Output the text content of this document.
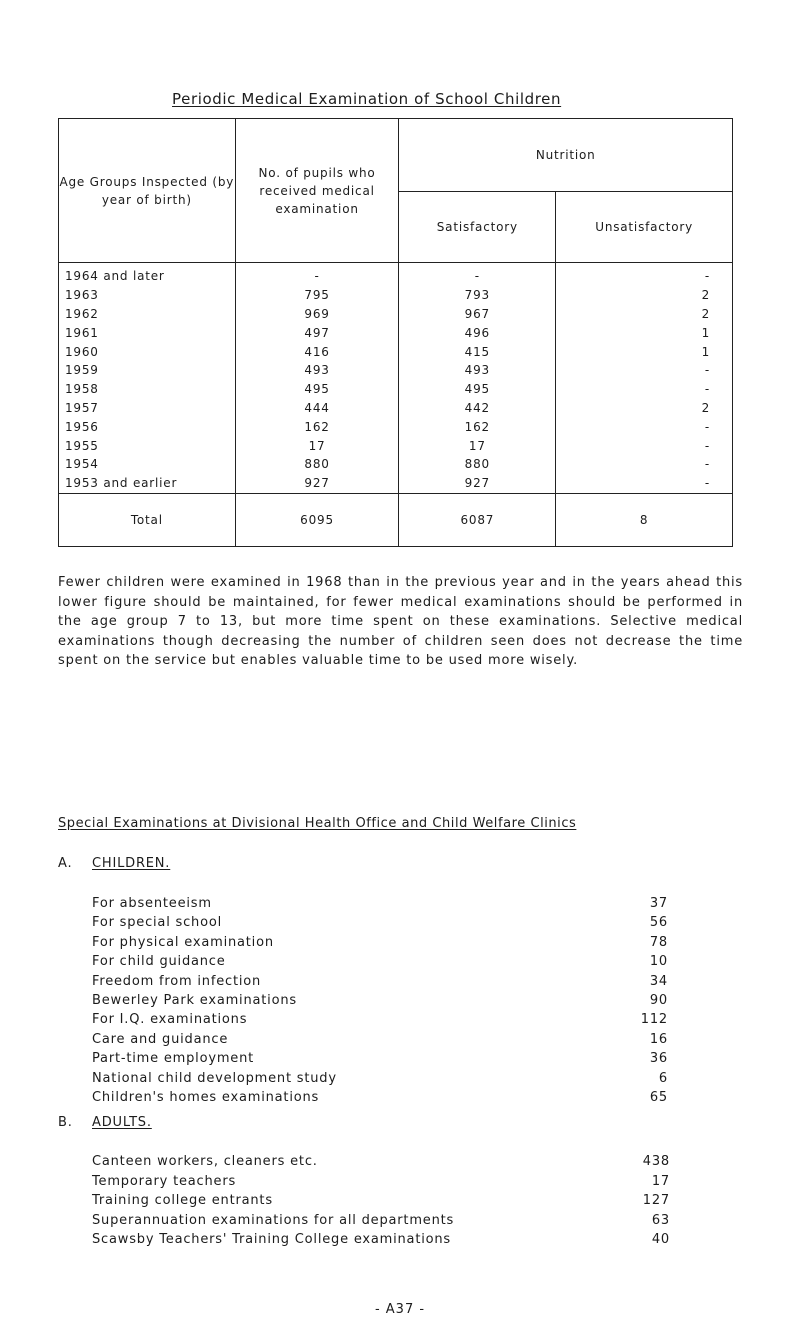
Periodic Medical Examination of School Children
Age Groups Inspected (by year of birth)	No. of pupils who received medical examination	Nutrition	
		Satisfactory	Unsatisfactory
1964 and later	-	-	-
1963	795	793	2
1962	969	967	2
1961	497	496	1
1960	416	415	1
1959	493	493	-
1958	495	495	-
1957	444	442	2
1956	162	162	-
1955	17	17	-
1954	880	880	-
1953 and earlier	927	927	-
Total	6095	6087	8

Fewer children were examined in 1968 than in the previous year and in the years ahead this lower figure should be maintained, for fewer medical examinations should be performed in the age group 7 to 13, but more time spent on these examinations. Selective medical examinations though decreasing the number of children seen does not decrease the time spent on the service but enables valuable time to be used more wisely.

Special Examinations at Divisional Health Office and Child Welfare Clinics
A. CHILDREN.
For absenteeism	37
For special school	56
For physical examination	78
For child guidance	10
Freedom from infection	34
Bewerley Park examinations	90
For I.Q. examinations	112
Care and guidance	16
Part-time employment	36
National child development study	6
Children's homes examinations	65
B. ADULTS.
Canteen workers, cleaners etc.	438
Temporary teachers	17
Training college entrants	127
Superannuation examinations for all departments	63
Scawsby Teachers' Training College examinations	40
- A37 -
